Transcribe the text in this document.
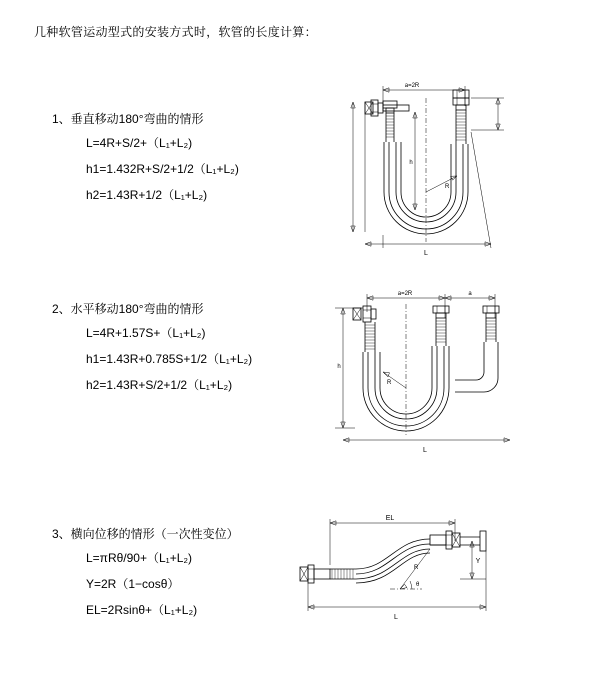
几种软管运动型式的安装方式时，软管的长度计算：
1、垂直移动180°弯曲的情形
L=4R+S/2+（L₁+L₂)
h1=1.432R+S/2+1/2（L₁+L₂)
h2=1.43R+1/2（L₁+L₂)
a=2R
R
h
L
2、水平移动180°弯曲的情形
L=4R+1.57S+（L₁+L₂)
h1=1.43R+0.785S+1/2（L₁+L₂)
h2=1.43R+S/2+1/2（L₁+L₂)
a=2R	a
R
h
L
3、横向位移的情形（一次性变位）
L=πRθ/90+（L₁+L₂)
Y=2R（1−cosθ）
EL=2Rsinθ+（L₁+L₂)
EL
Y
θ
R
L
